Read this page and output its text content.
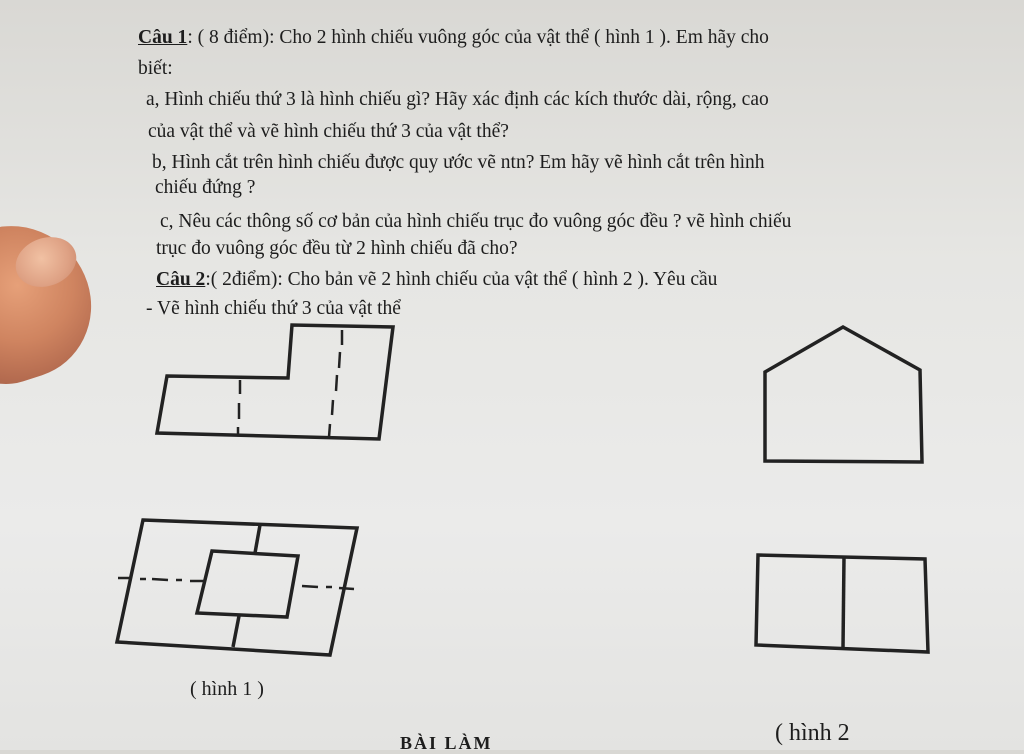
Câu 1: ( 8 điểm): Cho 2 hình chiếu vuông góc của vật thể ( hình 1 ). Em hãy cho
biết:
a, Hình chiếu thứ 3 là hình chiếu gì? Hãy xác định các kích thước dài, rộng, cao
của vật thể và vẽ hình chiếu thứ 3 của vật thể?
b, Hình cắt trên hình chiếu được quy ước vẽ ntn? Em hãy vẽ hình cắt trên hình
chiếu đứng ?
c, Nêu các thông số cơ bản của hình chiếu trục đo vuông góc đều ? vẽ hình chiếu
trục đo vuông góc đều từ 2 hình chiếu đã cho?
Câu 2:( 2điểm): Cho bản vẽ 2 hình chiếu của vật thể ( hình 2 ). Yêu cầu
- Vẽ hình chiếu thứ 3 của vật thể
( hình 1 )
( hình 2
BÀI LÀM
